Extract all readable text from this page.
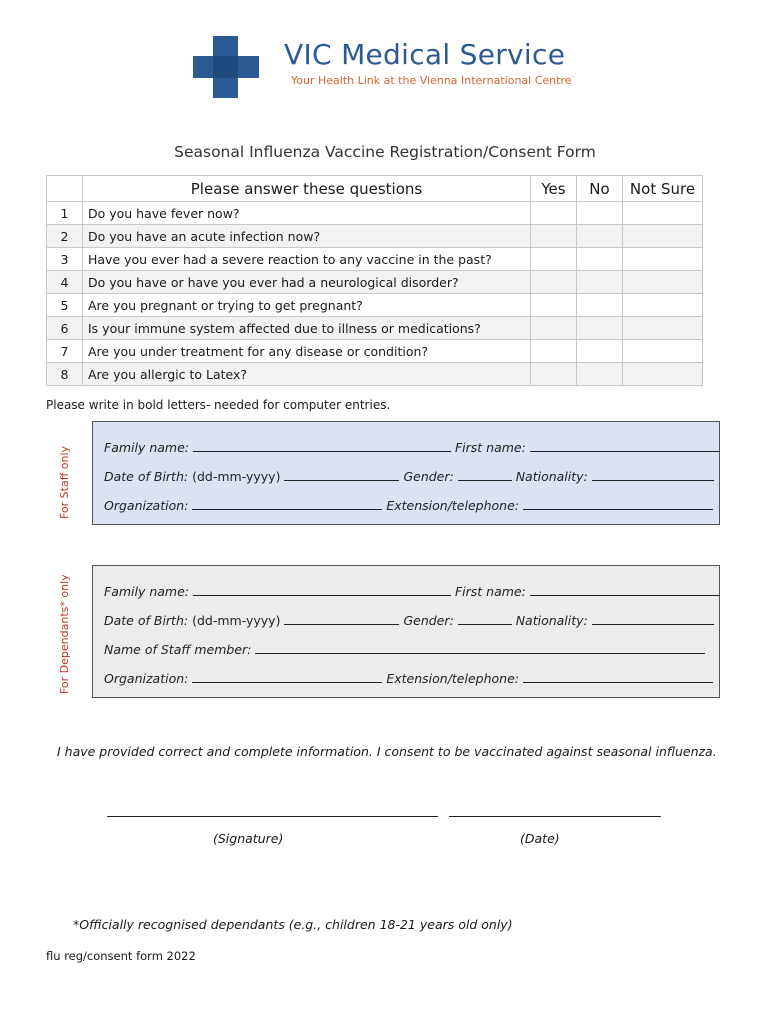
VIC Medical Service
Your Health Link at the Vienna International Centre
Seasonal Influenza Vaccine Registration/Consent Form
	Please answer these questions	Yes	No	Not Sure
1	Do you have fever now?			
2	Do you have an acute infection now?			
3	Have you ever had a severe reaction to any vaccine in the past?			
4	Do you have or have you ever had a neurological disorder?			
5	Are you pregnant or trying to get pregnant?			
6	Is your immune system affected due to illness or medications?			
7	Are you under treatment for any disease or condition?			
8	Are you allergic to Latex?			
Please write in bold letters- needed for computer entries.
For Staff only	Family name:	First name:
Date of Birth: (dd-mm-yyyy)	Gender:	Nationality:
Organization:	Extension/telephone:
For Dependants* only	Family name:	First name:
Date of Birth: (dd-mm-yyyy)	Gender:	Nationality:
Name of Staff member:
Organization:	Extension/telephone:
I have provided correct and complete information. I consent to be vaccinated against seasonal influenza.
(Signature)	(Date)
*Officially recognised dependants (e.g., children 18-21 years old only)
flu reg/consent form 2022
